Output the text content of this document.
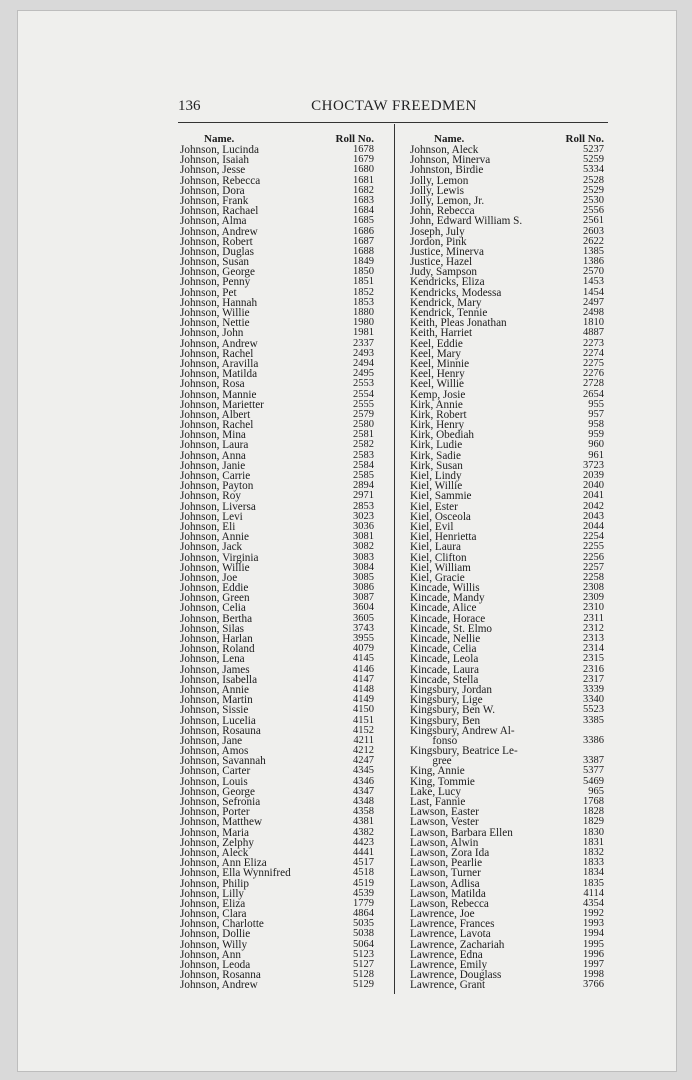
136	CHOCTAW FREEDMEN
Name.	Roll No.
Johnson, Lucinda	1678
Johnson, Isaiah	1679
Johnson, Jesse	1680
Johnson, Rebecca	1681
Johnson, Dora	1682
Johnson, Frank	1683
Johnson, Rachael	1684
Johnson, Alma	1685
Johnson, Andrew	1686
Johnson, Robert	1687
Johnson, Duglas	1688
Johnson, Susan	1849
Johnson, George	1850
Johnson, Penny	1851
Johnson, Pet	1852
Johnson, Hannah	1853
Johnson, Willie	1880
Johnson, Nettie	1980
Johnson, John	1981
Johnson, Andrew	2337
Johnson, Rachel	2493
Johnson, Aravilla	2494
Johnson, Matilda	2495
Johnson, Rosa	2553
Johnson, Mannie	2554
Johnson, Marietter	2555
Johnson, Albert	2579
Johnson, Rachel	2580
Johnson, Mina	2581
Johnson, Laura	2582
Johnson, Anna	2583
Johnson, Janie	2584
Johnson, Carrie	2585
Johnson, Payton	2894
Johnson, Roy	2971
Johnson, Liversa	2853
Johnson, Levi	3023
Johnson, Eli	3036
Johnson, Annie	3081
Johnson, Jack	3082
Johnson, Virginia	3083
Johnson, Willie	3084
Johnson, Joe	3085
Johnson, Eddie	3086
Johnson, Green	3087
Johnson, Celia	3604
Johnson, Bertha	3605
Johnson, Silas	3743
Johnson, Harlan	3955
Johnson, Roland	4079
Johnson, Lena	4145
Johnson, James	4146
Johnson, Isabella	4147
Johnson, Annie	4148
Johnson, Martin	4149
Johnson, Sissie	4150
Johnson, Lucelia	4151
Johnson, Rosauna	4152
Johnson, Jane	4211
Johnson, Amos	4212
Johnson, Savannah	4247
Johnson, Carter	4345
Johnson, Louis	4346
Johnson, George	4347
Johnson, Sefronia	4348
Johnson, Porter	4358
Johnson, Matthew	4381
Johnson, Maria	4382
Johnson, Zelphy	4423
Johnson, Aleck	4441
Johnson, Ann Eliza	4517
Johnson, Ella Wynnifred	4518
Johnson, Philip	4519
Johnson, Lilly	4539
Johnson, Eliza	1779
Johnson, Clara	4864
Johnson, Charlotte	5035
Johnson, Dollie	5038
Johnson, Willy	5064
Johnson, Ann	5123
Johnson, Leoda	5127
Johnson, Rosanna	5128
Johnson, Andrew	5129
Name.	Roll No.
Johnson, Aleck	5237
Johnson, Minerva	5259
Johnston, Birdie	5334
Jolly, Lemon	2528
Jolly, Lewis	2529
Jolly, Lemon, Jr.	2530
John, Rebecca	2556
John, Edward William S.	2561
Joseph, July	2603
Jordon, Pink	2622
Justice, Minerva	1385
Justice, Hazel	1386
Judy, Sampson	2570
Kendricks, Eliza	1453
Kendricks, Modessa	1454
Kendrick, Mary	2497
Kendrick, Tennie	2498
Keith, Pleas Jonathan	1810
Keith, Harriet	4887
Keel, Eddie	2273
Keel, Mary	2274
Keel, Minnie	2275
Keel, Henry	2276
Keel, Willie	2728
Kemp, Josie	2654
Kirk, Annie	955
Kirk, Robert	957
Kirk, Henry	958
Kirk, Obediah	959
Kirk, Ludie	960
Kirk, Sadie	961
Kirk, Susan	3723
Kiel, Lindy	2039
Kiel, Willie	2040
Kiel, Sammie	2041
Kiel, Ester	2042
Kiel, Osceola	2043
Kiel, Evil	2044
Kiel, Henrietta	2254
Kiel, Laura	2255
Kiel, Clifton	2256
Kiel, William	2257
Kiel, Gracie	2258
Kincade, Willis	2308
Kincade, Mandy	2309
Kincade, Alice	2310
Kincade, Horace	2311
Kincade, St. Elmo	2312
Kincade, Nellie	2313
Kincade, Celia	2314
Kincade, Leola	2315
Kincade, Laura	2316
Kincade, Stella	2317
Kingsbury, Jordan	3339
Kingsbury, Lige	3340
Kingsbury, Ben W.	5523
Kingsbury, Ben	3385
Kingsbury, Andrew Al-
fonso	3386
Kingsbury, Beatrice Le-
gree	3387
King, Annie	5377
King, Tommie	5469
Lake, Lucy	965
Last, Fannie	1768
Lawson, Easter	1828
Lawson, Vester	1829
Lawson, Barbara Ellen	1830
Lawson, Alwin	1831
Lawson, Zora Ida	1832
Lawson, Pearlie	1833
Lawson, Turner	1834
Lawson, Adlisa	1835
Lawson, Matilda	4114
Lawson, Rebecca	4354
Lawrence, Joe	1992
Lawrence, Frances	1993
Lawrence, Lavota	1994
Lawrence, Zachariah	1995
Lawrence, Edna	1996
Lawrence, Emily	1997
Lawrence, Douglass	1998
Lawrence, Grant	3766
